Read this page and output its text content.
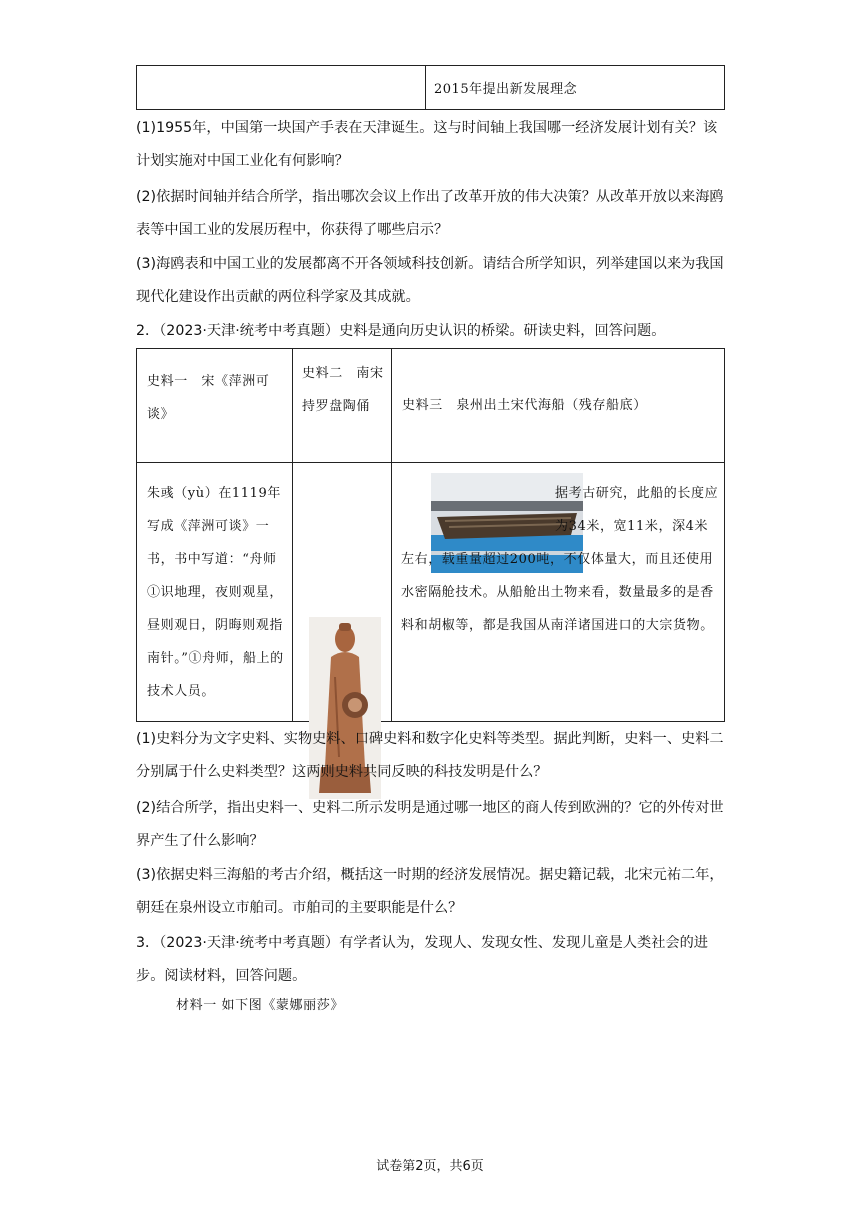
2015年提出新发展理念
(1)1955年，中国第一块国产手表在天津诞生。这与时间轴上我国哪一经济发展计划有关？该计划实施对中国工业化有何影响？
(2)依据时间轴并结合所学，指出哪次会议上作出了改革开放的伟大决策？从改革开放以来海鸥表等中国工业的发展历程中，你获得了哪些启示？
(3)海鸥表和中国工业的发展都离不开各领域科技创新。请结合所学知识，列举建国以来为我国现代化建设作出贡献的两位科学家及其成就。
2．（2023·天津·统考中考真题）史料是通向历史认识的桥梁。研读史料，回答问题。
史料一　宋《萍洲可谈》
史料二　南宋持罗盘陶俑	史料三　泉州出土宋代海船（残存船底）
朱彧（yù）在1119年写成《萍洲可谈》一书，书中写道：“舟师①识地理，夜则观星，昼则观日，阴晦则观指南针。”①舟师，船上的技术人员。
据考古研究，此船的长度应为34米，宽11米，深4米左右，载重量超过200吨，不仅体量大，而且还使用水密隔舱技术。从船舱出土物来看，数量最多的是香料和胡椒等，都是我国从南洋诸国进口的大宗货物。
(1)史料分为文字史料、实物史料、口碑史料和数字化史料等类型。据此判断，史料一、史料二分别属于什么史料类型？这两则史料共同反映的科技发明是什么？
(2)结合所学，指出史料一、史料二所示发明是通过哪一地区的商人传到欧洲的？它的外传对世界产生了什么影响？
(3)依据史料三海船的考古介绍，概括这一时期的经济发展情况。据史籍记载，北宋元祐二年，朝廷在泉州设立市舶司。市舶司的主要职能是什么？
3．（2023·天津·统考中考真题）有学者认为，发现人、发现女性、发现儿童是人类社会的进步。阅读材料，回答问题。
材料一 如下图《蒙娜丽莎》
试卷第2页，共6页
